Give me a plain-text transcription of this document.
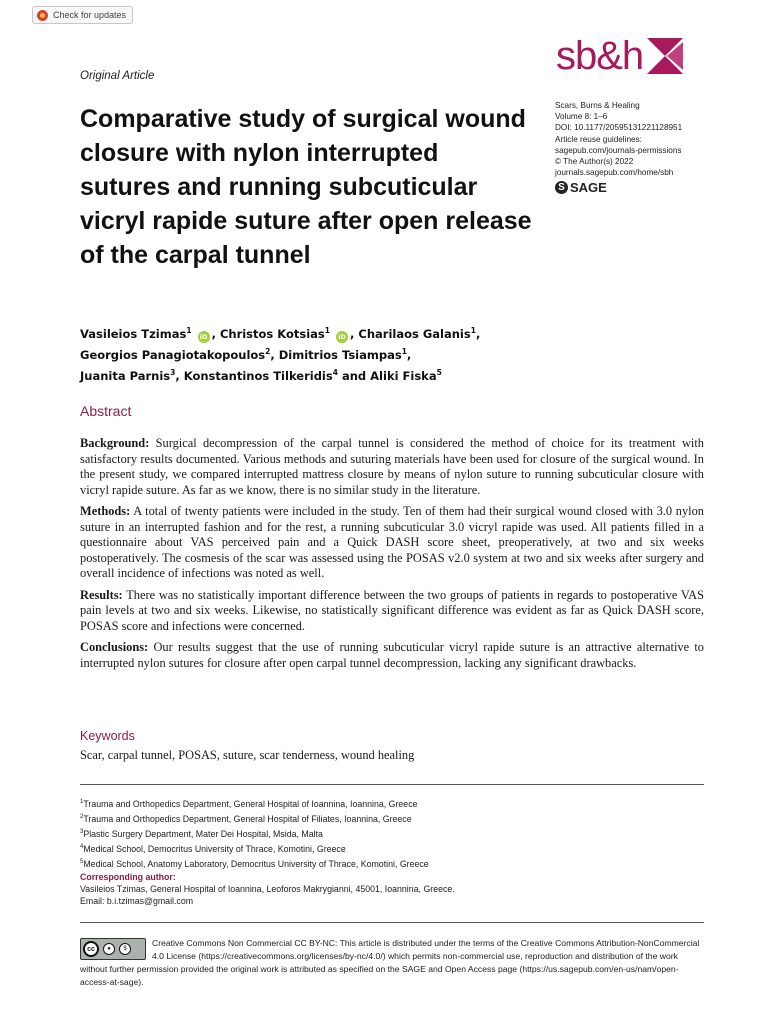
Check for updates
sb&h
Scars, Burns & Healing
Volume 8: 1–6
DOI: 10.1177/20595131221128951
Article reuse guidelines:
sagepub.com/journals-permissions
© The Author(s) 2022
journals.sagepub.com/home/sbh
S SAGE
Original Article
Comparative study of surgical wound closure with nylon interrupted sutures and running subcuticular vicryl rapide suture after open release of the carpal tunnel
Vasileios Tzimas$^1$ iD , Christos Kotsias$^1$ iD , Charilaos Galanis$^1$, Georgios Panagiotakopoulos$^2$, Dimitrios Tsiampas$^1$,
Juanita Parnis$^3$, Konstantinos Tilkeridis$^4$ and Aliki Fiska$^5$
Abstract

Background: Surgical decompression of the carpal tunnel is considered the method of choice for its treatment with satisfactory results documented. Various methods and suturing materials have been used for closure of the surgical wound. In the present study, we compared interrupted mattress closure by means of nylon suture to running subcuticular closure with vicryl rapide suture. As far as we know, there is no similar study in the literature.

Methods: A total of twenty patients were included in the study. Ten of them had their surgical wound closed with 3.0 nylon suture in an interrupted fashion and for the rest, a running subcuticular 3.0 vicryl rapide was used. All patients filled in a questionnaire about VAS perceived pain and a Quick DASH score sheet, preoperatively, at two and six weeks postoperatively. The cosmesis of the scar was assessed using the POSAS v2.0 system at two and six weeks after surgery and overall incidence of infections was noted as well.

Results: There was no statistically important difference between the two groups of patients in regards to postoperative VAS pain levels at two and six weeks. Likewise, no statistically significant difference was evident as far as Quick DASH score, POSAS score and infections were concerned.

Conclusions: Our results suggest that the use of running subcuticular vicryl rapide suture is an attractive alternative to interrupted nylon sutures for closure after open carpal tunnel decompression, lacking any significant drawbacks.

Keywords
Scar, carpal tunnel, POSAS, suture, scar tenderness, wound healing
$^1$Trauma and Orthopedics Department, General Hospital of Ioannina, Ioannina, Greece
$^2$Trauma and Orthopedics Department, General Hospital of Filiates, Ioannina, Greece
$^3$Plastic Surgery Department, Mater Dei Hospital, Msida, Malta
$^4$Medical School, Democritus University of Thrace, Komotini, Greece
$^5$Medical School, Anatomy Laboratory, Democritus University of Thrace, Komotini, Greece
Corresponding author:
Vasileios Tzimas, General Hospital of Ioannina, Leoforos Makrygianni, 45001, Ioannina, Greece.
Email: b.i.tzimas@gmail.com
cc	●	$
Creative Commons Non Commercial CC BY-NC: This article is distributed under the terms of the Creative Commons Attribution-NonCommercial 4.0 License (https://creativecommons.org/licenses/by-nc/4.0/) which permits non-commercial use, reproduction and distribution of the work without further permission provided the original work is attributed as specified on the SAGE and Open Access page (https://us.sagepub.com/en-us/nam/open-access-at-sage).
